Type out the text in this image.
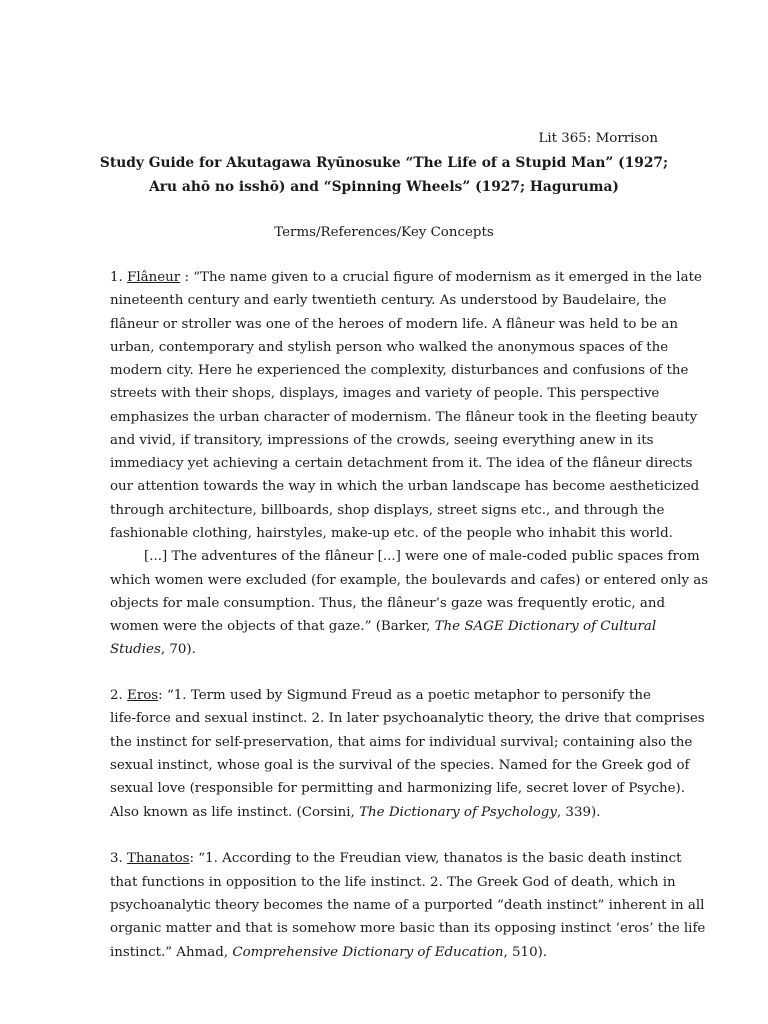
Lit 365: Morrison
Study Guide for Akutagawa Ryūnosuke “The Life of a Stupid Man” (1927;
Aru ahō no isshō) and “Spinning Wheels” (1927; Haguruma)
Terms/References/Key Concepts
1. Flâneur : “The name given to a crucial figure of modernism as it emerged in the late
nineteenth century and early twentieth century. As understood by Baudelaire, the
flâneur or stroller was one of the heroes of modern life. A flâneur was held to be an
urban, contemporary and stylish person who walked the anonymous spaces of the
modern city. Here he experienced the complexity, disturbances and confusions of the
streets with their shops, displays, images and variety of people. This perspective
emphasizes the urban character of modernism. The flâneur took in the fleeting beauty
and vivid, if transitory, impressions of the crowds, seeing everything anew in its
immediacy yet achieving a certain detachment from it. The idea of the flâneur directs
our attention towards the way in which the urban landscape has become aestheticized
through architecture, billboards, shop displays, street signs etc., and through the
fashionable clothing, hairstyles, make-up etc. of the people who inhabit this world.
[...] The adventures of the flâneur [...] were one of male-coded public spaces from
which women were excluded (for example, the boulevards and cafes) or entered only as
objects for male consumption. Thus, the flâneur’s gaze was frequently erotic, and
women were the objects of that gaze.” (Barker, The SAGE Dictionary of Cultural
Studies, 70).
2. Eros: “1. Term used by Sigmund Freud as a poetic metaphor to personify the
life-force and sexual instinct. 2. In later psychoanalytic theory, the drive that comprises
the instinct for self-preservation, that aims for individual survival; containing also the
sexual instinct, whose goal is the survival of the species. Named for the Greek god of
sexual love (responsible for permitting and harmonizing life, secret lover of Psyche).
Also known as life instinct. (Corsini, The Dictionary of Psychology, 339).
3. Thanatos: “1. According to the Freudian view, thanatos is the basic death instinct
that functions in opposition to the life instinct. 2. The Greek God of death, which in
psychoanalytic theory becomes the name of a purported “death instinct” inherent in all
organic matter and that is somehow more basic than its opposing instinct ‘eros’ the life
instinct.” Ahmad, Comprehensive Dictionary of Education, 510).
